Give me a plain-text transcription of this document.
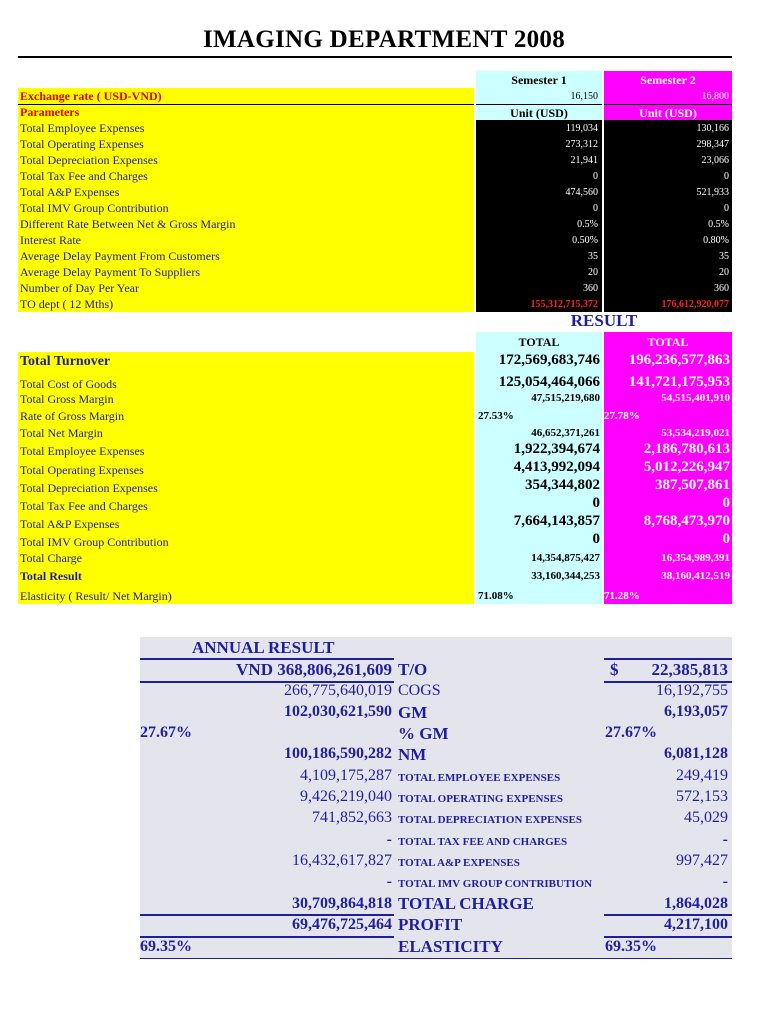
IMAGING DEPARTMENT 2008
Semester 1	Semester 2
Exchange rate ( USD-VND)	16,150	16,800
Parameters	Unit (USD)	Unit (USD)
Total Employee Expenses	119,034	130,166
Total Operating Expenses	273,312	298,347
Total Depreciation Expenses	21,941	23,066
Total Tax Fee and Charges	0	0
Total A&P Expenses	474,560	521,933
Total IMV Group Contribution	0	0
Different Rate Between Net & Gross Margin	0.5%	0.5%
Interest Rate	0.50%	0.80%
Average Delay Payment From Customers	35	35
Average Delay Payment To Suppliers	20	20
Number of Day Per Year	360	360
TO dept ( 12 Mths)	155,312,715,372	176,612,920,077
RESULT
TOTAL	TOTAL
Total Turnover	172,569,683,746	196,236,577,863
Total Cost of Goods	125,054,464,066	141,721,175,953
Total Gross Margin	47,515,219,680	54,515,401,910
Rate of Gross Margin	27.53%	27.78%
Total Net Margin	46,652,371,261	53,534,219,021
Total Employee Expenses	1,922,394,674	2,186,780,613
Total Operating Expenses	4,413,992,094	5,012,226,947
Total Depreciation Expenses	354,344,802	387,507,861
Total Tax Fee and Charges	0	0
Total A&P Expenses	7,664,143,857	8,768,473,970
Total IMV Group Contribution	0	0
Total Charge	14,354,875,427	16,354,989,391
Total Result	33,160,344,253	38,160,412,519
Elasticity ( Result/ Net Margin)	71.08%	71.28%
ANNUAL RESULT
VND 368,806,261,609 T/O	$	22,385,813
266,775,640,019 COGS	16,192,755
102,030,621,590 GM	6,193,057
27.67%	% GM	27.67%
100,186,590,282 NM	6,081,128
4,109,175,287 TOTAL EMPLOYEE EXPENSES	249,419
9,426,219,040 TOTAL OPERATING EXPENSES	572,153
741,852,663 TOTAL DEPRECIATION EXPENSES	45,029
- TOTAL TAX FEE AND CHARGES	-
16,432,617,827 TOTAL A&P EXPENSES	997,427
- TOTAL IMV GROUP CONTRIBUTION	-
30,709,864,818 TOTAL CHARGE	1,864,028
69,476,725,464 PROFIT	4,217,100
69.35%	ELASTICITY	69.35%
